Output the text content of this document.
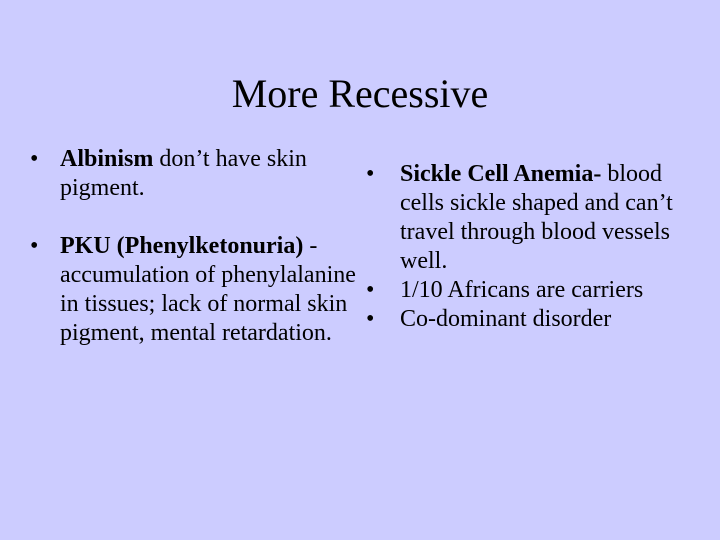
More Recessive
• Albinism don’t have skin pigment.
• PKU (Phenylketonuria) - accumulation of phenylalanine in tissues; lack of normal skin pigment, mental retardation.
• Sickle Cell Anemia- blood cells sickle shaped and can’t travel through blood vessels well.
• 1/10 Africans are carriers
• Co-dominant disorder
